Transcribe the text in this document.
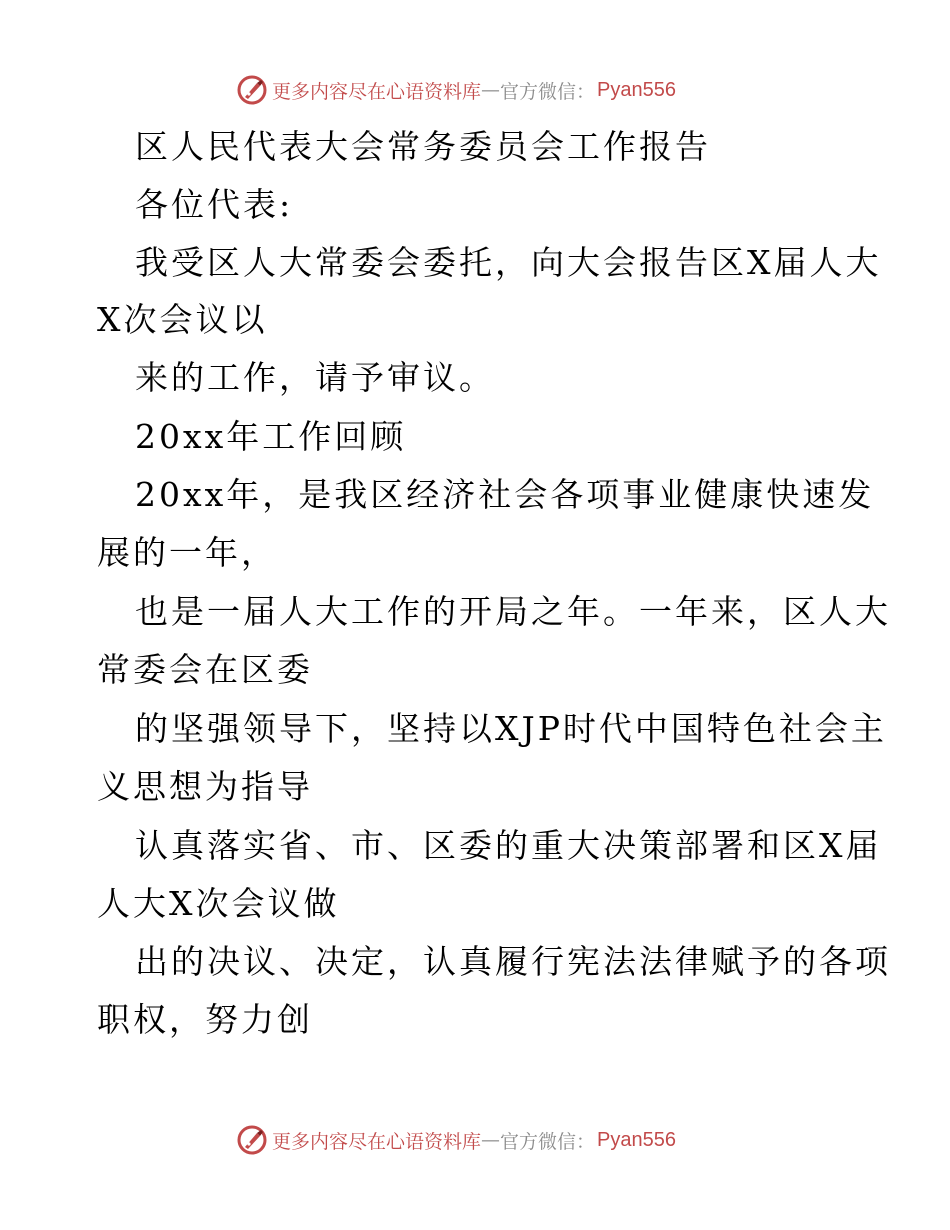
更多内容尽在心语资料库 — 官方微信： Pyan556
区人民代表大会常务委员会工作报告
各位代表:
我受区人大常委会委托，向大会报告区X届人大
X次会议以
来的工作，请予审议。
20xx年工作回顾
20xx年，是我区经济社会各项事业健康快速发
展的一年，
也是一届人大工作的开局之年。一年来，区人大
常委会在区委
的坚强领导下，坚持以XJP时代中国特色社会主
义思想为指导
认真落实省、市、区委的重大决策部署和区X届
人大X次会议做
出的决议、决定，认真履行宪法法律赋予的各项
职权，努力创
更多内容尽在心语资料库 — 官方微信： Pyan556
